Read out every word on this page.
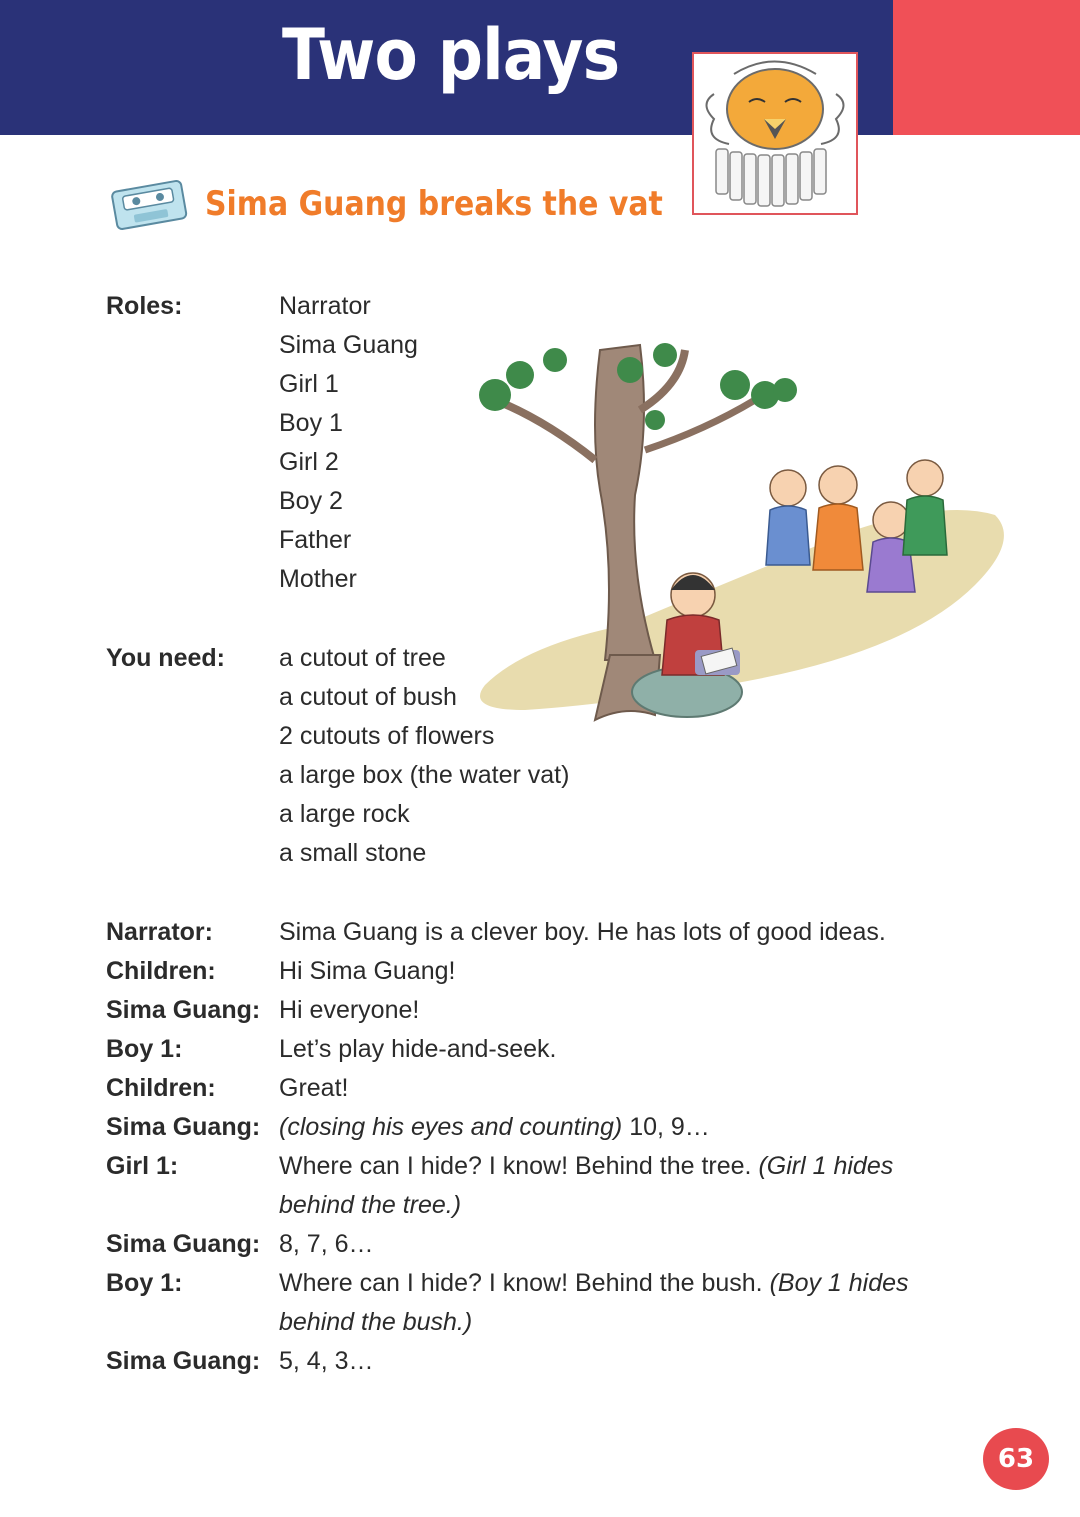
Two plays
Sima Guang breaks the vat
Roles:	Narrator
Sima Guang
Girl 1
Boy 1
Girl 2
Boy 2
Father
Mother
You need: a cutout of tree
a cutout of bush
2 cutouts of flowers
a large box (the water vat)
a large rock
a small stone
Narrator:	Sima Guang is a clever boy. He has lots of good ideas.
Children:	Hi Sima Guang!
Sima Guang: Hi everyone!
Boy 1:	Let’s play hide-and-seek.
Children:	Great!
Sima Guang: (closing his eyes and counting) 10, 9…
Girl 1:	Where can I hide? I know! Behind the tree. (Girl 1 hides
behind the tree.)
Sima Guang: 8, 7, 6…
Boy 1:	Where can I hide? I know! Behind the bush. (Boy 1 hides
behind the bush.)
Sima Guang: 5, 4, 3…
63
